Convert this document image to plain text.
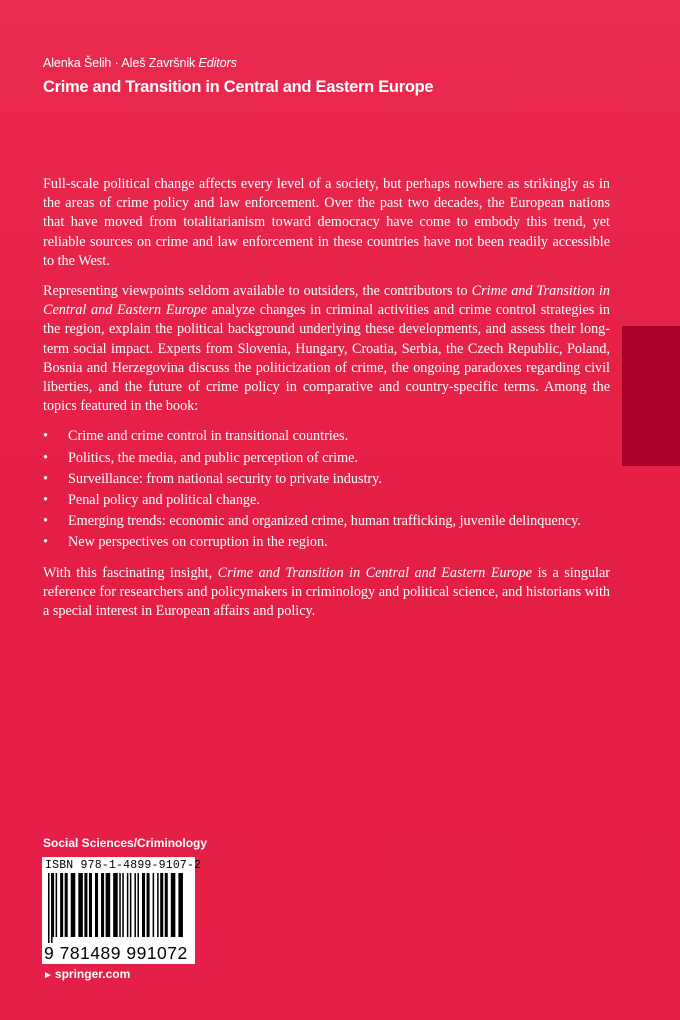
Alenka Šelih · Aleš Završnik Editors
Crime and Transition in Central and Eastern Europe

Full-scale political change affects every level of a society, but perhaps nowhere as strikingly as in the areas of crime policy and law enforcement. Over the past two decades, the European nations that have moved from totalitarianism toward democracy have come to embody this trend, yet reliable sources on crime and law enforcement in these countries have not been readily accessible to the West.

Representing viewpoints seldom available to outsiders, the contributors to Crime and Transition in Central and Eastern Europe analyze changes in criminal activities and crime control strategies in the region, explain the political background underlying these developments, and assess their long-term social impact. Experts from Slovenia, Hungary, Croatia, Serbia, the Czech Republic, Poland, Bosnia and Herzegovina discuss the politicization of crime, the ongoing paradoxes regarding civil liberties, and the future of crime policy in comparative and country-specific terms. Among the topics featured in the book:

• Crime and crime control in transitional countries.
• Politics, the media, and public perception of crime.
• Surveillance: from national security to private industry.
• Penal policy and political change.
• Emerging trends: economic and organized crime, human trafficking, juvenile delinquency.
• New perspectives on corruption in the region.

With this fascinating insight, Crime and Transition in Central and Eastern Europe is a singular reference for researchers and policymakers in criminology and political science, and historians with a special interest in European affairs and policy.

Social Sciences/Criminology
ISBN 978-1-4899-9107-2
9 781489 991072
► springer.com
